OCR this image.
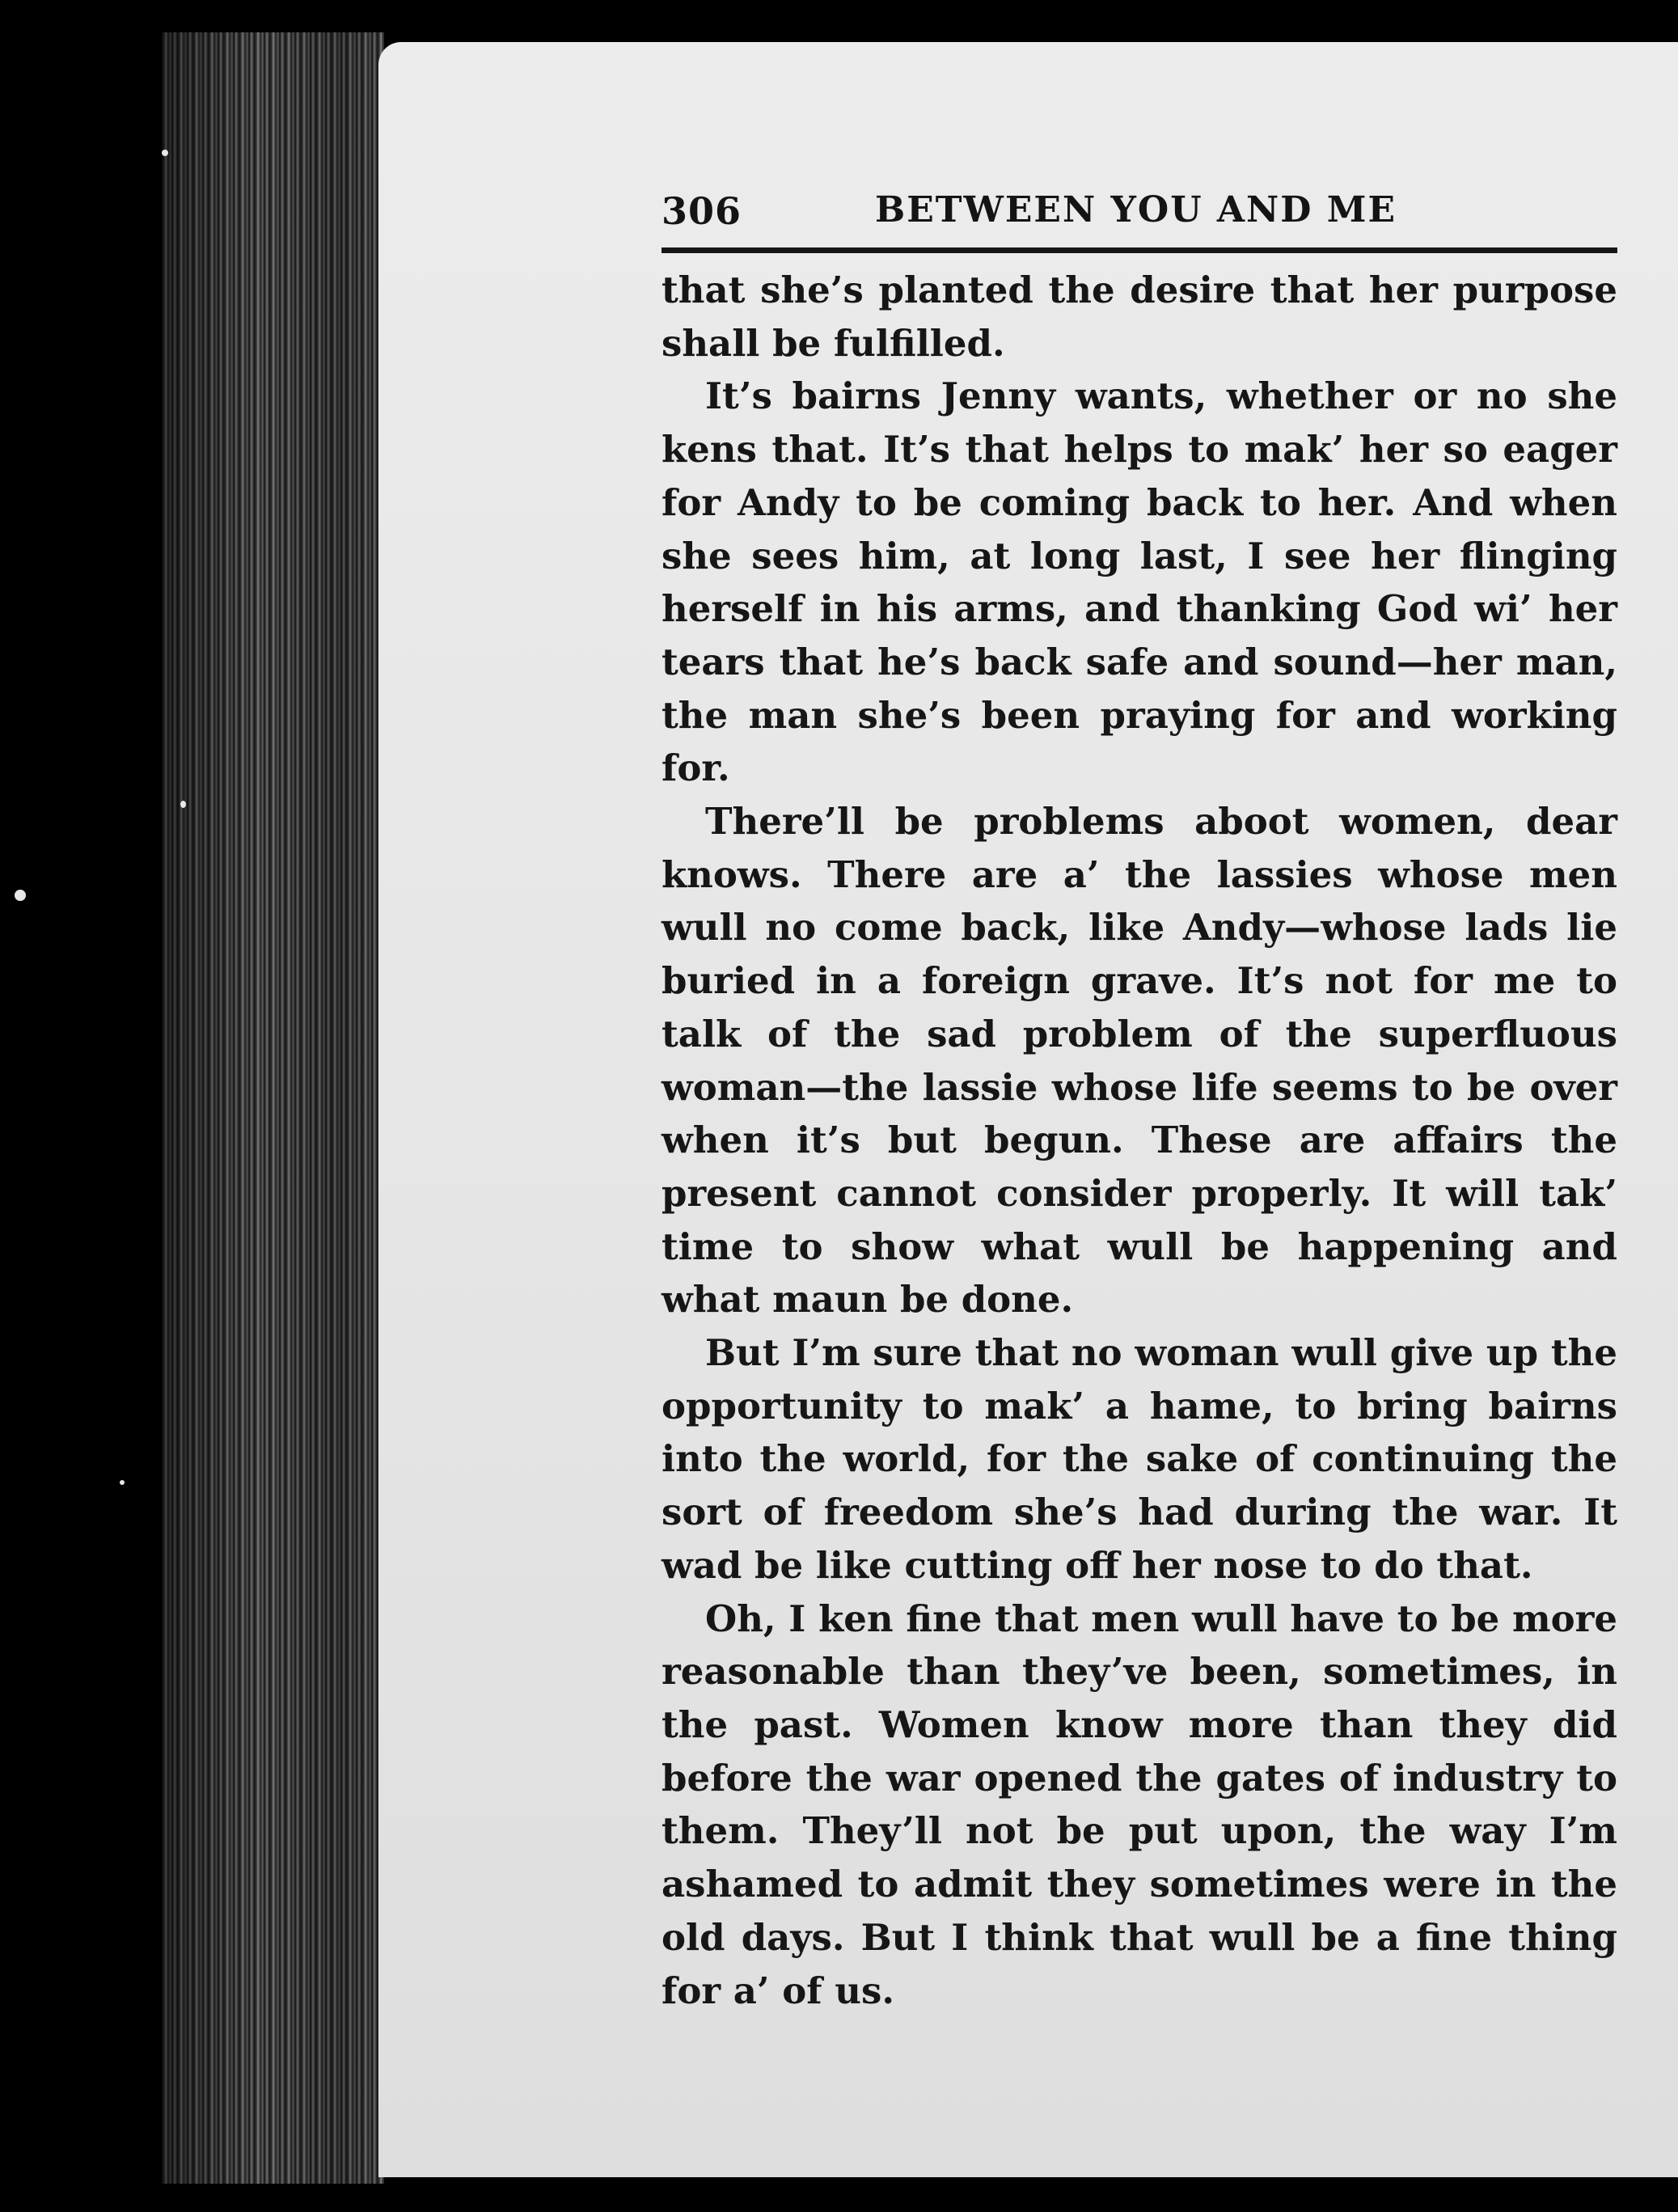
306	BETWEEN YOU AND ME

that she’s planted the desire that her purpose shall be fulfilled.

It’s bairns Jenny wants, whether or no she kens that. It’s that helps to mak’ her so eager for Andy to be coming back to her. And when she sees him, at long last, I see her flinging herself in his arms, and thanking God wi’ her tears that he’s back safe and sound—her man, the man she’s been praying for and working for.

There’ll be problems aboot women, dear knows. There are a’ the lassies whose men wull no come back, like Andy—whose lads lie buried in a foreign grave. It’s not for me to talk of the sad problem of the superfluous woman—the lassie whose life seems to be over when it’s but begun. These are affairs the present cannot consider properly. It will tak’ time to show what wull be happening and what maun be done.

But I’m sure that no woman wull give up the opportunity to mak’ a hame, to bring bairns into the world, for the sake of continuing the sort of freedom she’s had during the war. It wad be like cutting off her nose to do that.

Oh, I ken fine that men wull have to be more reasonable than they’ve been, sometimes, in the past. Women know more than they did before the war opened the gates of industry to them. They’ll not be put upon, the way I’m ashamed to admit they sometimes were in the old days. But I think that wull be a fine thing for a’ of us.
